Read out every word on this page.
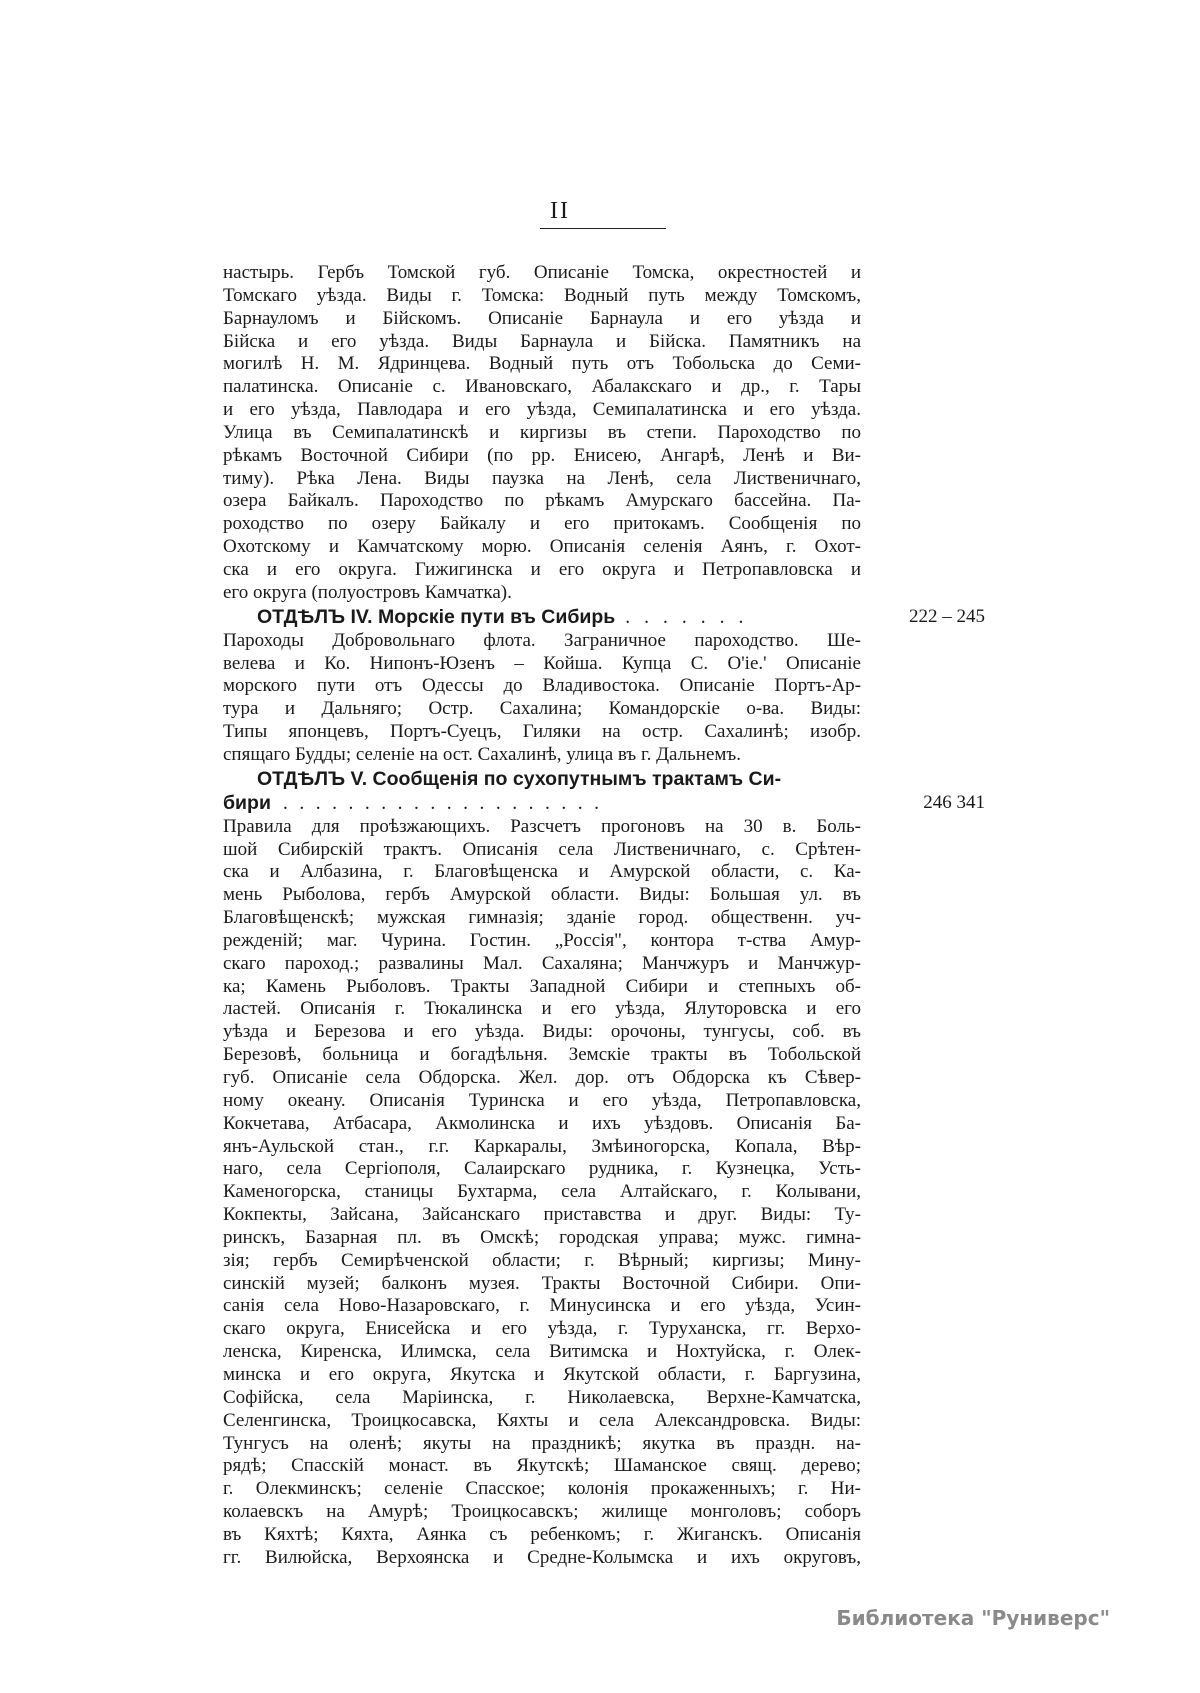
II

настырь. Гербъ Томской губ. Описанiе Томска, окрестностей и

Томскаго уѣзда. Виды г. Томска: Водный путь между Томскомъ,

Барнауломъ и Бiйскомъ. Описанiе Барнаула и его уѣзда и

Бiйска и его уѣзда. Виды Барнаула и Бiйска. Памятникъ на

могилѣ Н. М. Ядринцева. Водный путь отъ Тобольска до Семи-

палатинска. Описанiе с. Ивановскаго, Абалакскаго и др., г. Тары

и его уѣзда, Павлодара и его уѣзда, Семипалатинска и его уѣзда.

Улица въ Семипалатинскѣ и киргизы въ степи. Пароходство по

рѣкамъ Восточной Сибири (по рр. Енисею, Ангарѣ, Ленѣ и Ви-

тиму). Рѣка Лена. Виды паузка на Ленѣ, села Лиственичнаго,

озера Байкалъ. Пароходство по рѣкамъ Амурскаго бассейна. Па-

роходство по озеру Байкалу и его притокамъ. Сообщенiя по

Охотскому и Камчатскому морю. Описанiя селенiя Аянъ, г. Охот-

ска и его округа. Гижигинска и его округа и Петропавловска и

его округа (полуостровъ Камчатка).

ОТДѢЛЪ IV. Морскiе пути въ Сибирь .......	222 – 245

Пароходы Добровольнаго флота. Заграничное пароходство. Ше-

велева и Ко. Нипонъ-Юзенъ – Койша. Купца С. О'iе.' Описанiе

морского пути отъ Одессы до Владивостока. Описанiе Портъ-Ар-

тура и Дальняго; Остр. Сахалина; Командорскiе о-ва. Виды:

Типы японцевъ, Портъ-Суецъ, Гиляки на остр. Сахалинѣ; изобр.

спящаго Будды; селенiе на ост. Сахалинѣ, улица въ г. Дальнемъ.

ОТДѢЛЪ V. Сообщенiя по сухопутнымъ трактамъ Си-
бири ....................	246 341

Правила для проѣзжающихъ. Разсчетъ прогоновъ на 30 в. Боль-

шой Сибирскiй трактъ. Описанiя села Лиственичнаго, с. Срѣтен-

ска и Албазина, г. Благовѣщенска и Амурской области, с. Ка-

мень Рыболова, гербъ Амурской области. Виды: Большая ул. въ

Благовѣщенскѣ; мужская гимназiя; зданiе город. общественн. уч-

режденiй; маг. Чурина. Гостин. „Россiя", контора т-ства Амур-

скаго пароход.; развалины Мал. Сахаляна; Манчжуръ и Манчжур-

ка; Камень Рыболовъ. Тракты Западной Сибири и степныхъ об-

ластей. Описанiя г. Тюкалинска и его уѣзда, Ялуторовска и его

уѣзда и Березова и его уѣзда. Виды: орочоны, тунгусы, соб. въ

Березовѣ, больница и богадѣльня. Земскiе тракты въ Тобольской

губ. Описанiе села Обдорска. Жел. дор. отъ Обдорска къ Сѣвер-

ному океану. Описанiя Туринска и его уѣзда, Петропавловска,

Кокчетава, Атбасара, Акмолинска и ихъ уѣздовъ. Описанiя Ба-

янъ-Аульской стан., г.г. Каркаралы, Змѣиногорска, Копала, Вѣр-

наго, села Сергiополя, Салаирскаго рудника, г. Кузнецка, Усть-

Каменогорска, станицы Бухтарма, села Алтайскаго, г. Колывани,

Кокпекты, Зайсана, Зайсанскаго приставства и друг. Виды: Ту-

ринскъ, Базарная пл. въ Омскѣ; городская управа; мужс. гимна-

зiя; гербъ Семирѣченской области; г. Вѣрный; киргизы; Мину-

синскiй музей; балконъ музея. Тракты Восточной Сибири. Опи-

санiя села Ново-Назаровскаго, г. Минусинска и его уѣзда, Усин-

скаго округа, Енисейска и его уѣзда, г. Туруханска, гг. Верхо-

ленска, Киренска, Илимска, села Витимска и Нохтуйска, г. Олек-

минска и его округа, Якутска и Якутской области, г. Баргузина,

Софiйска, села Марiинска, г. Николаевска, Верхне-Камчатска,

Селенгинска, Троицкосавска, Кяхты и села Александровска. Виды:

Тунгусъ на оленѣ; якуты на праздникѣ; якутка въ праздн. на-

рядѣ; Спасскiй монаст. въ Якутскѣ; Шаманское свящ. дерево;

г. Олекминскъ; селенiе Спасское; колонiя прокаженныхъ; г. Ни-

колаевскъ на Амурѣ; Троицкосавскъ; жилище монголовъ; соборъ

въ Кяхтѣ; Кяхта, Аянка съ ребенкомъ; г. Жиганскъ. Описанiя

гг. Вилюйска, Верхоянска и Средне-Колымска и ихъ округовъ,

Библиотека "Руниверс"
